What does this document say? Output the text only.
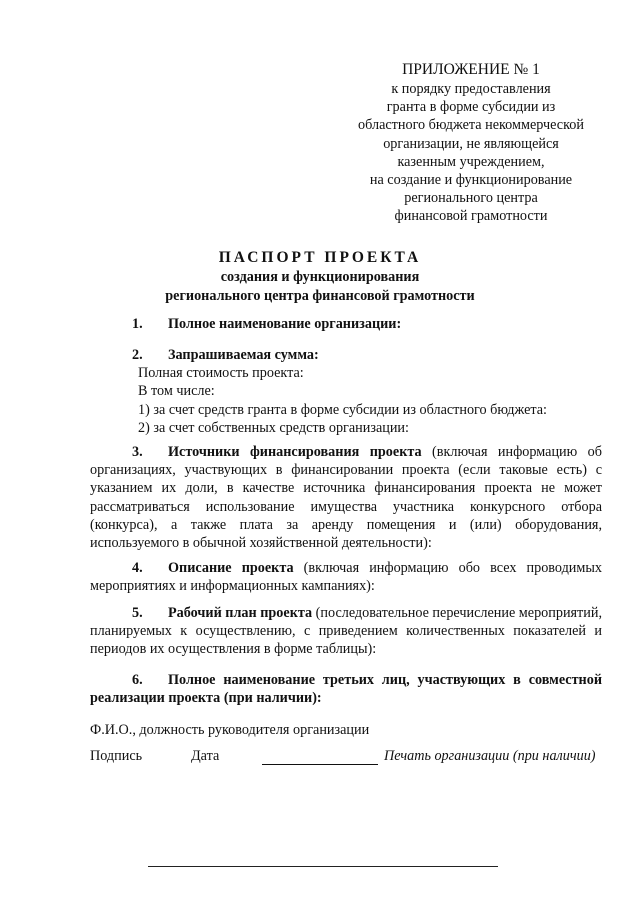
ПРИЛОЖЕНИЕ № 1
к порядку предоставления
гранта в форме субсидии из
областного бюджета некоммерческой
организации, не являющейся
казенным учреждением,
на создание и функционирование
регионального центра
финансовой грамотности
ПАСПОРТ ПРОЕКТА
создания и функционирования
регионального центра финансовой грамотности
1. Полное наименование организации:
2. Запрашиваемая сумма:
Полная стоимость проекта:
В том числе:
1) за счет средств гранта в форме субсидии из областного бюджета:
2) за счет собственных средств организации:
3. Источники финансирования проекта (включая информацию об организациях, участвующих в финансировании проекта (если таковые есть) с указанием их доли, в качестве источника финансирования проекта не может рассматриваться использование имущества участника конкурсного отбора (конкурса), а также плата за аренду помещения и (или) оборудования, используемого в обычной хозяйственной деятельности):
4. Описание проекта (включая информацию обо всех проводимых мероприятиях и информационных кампаниях):
5. Рабочий план проекта (последовательное перечисление мероприятий, планируемых к осуществлению, с приведением количественных показателей и периодов их осуществления в форме таблицы):
6. Полное наименование третьих лиц, участвующих в совместной реализации проекта (при наличии):
Ф.И.О., должность руководителя организации
Подпись	Дата	Печать организации (при наличии)
